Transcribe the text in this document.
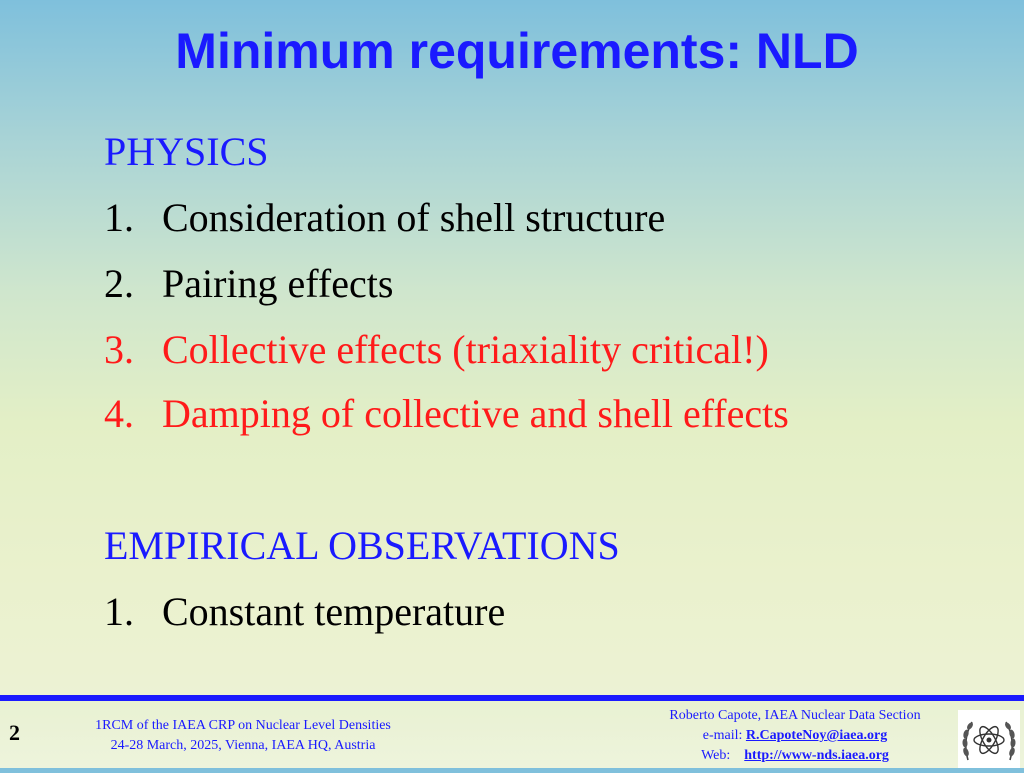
Minimum requirements: NLD
PHYSICS
1. Consideration of shell structure
2. Pairing effects
3. Collective effects (triaxiality critical!)
4. Damping of collective and shell effects
EMPIRICAL OBSERVATIONS
1. Constant temperature
2	1RCM of the IAEA CRP on Nuclear Level Densities
24-28 March, 2025, Vienna, IAEA HQ, Austria
Roberto Capote, IAEA Nuclear Data Section
e-mail: R.CapoteNoy@iaea.org
Web: http://www-nds.iaea.org
